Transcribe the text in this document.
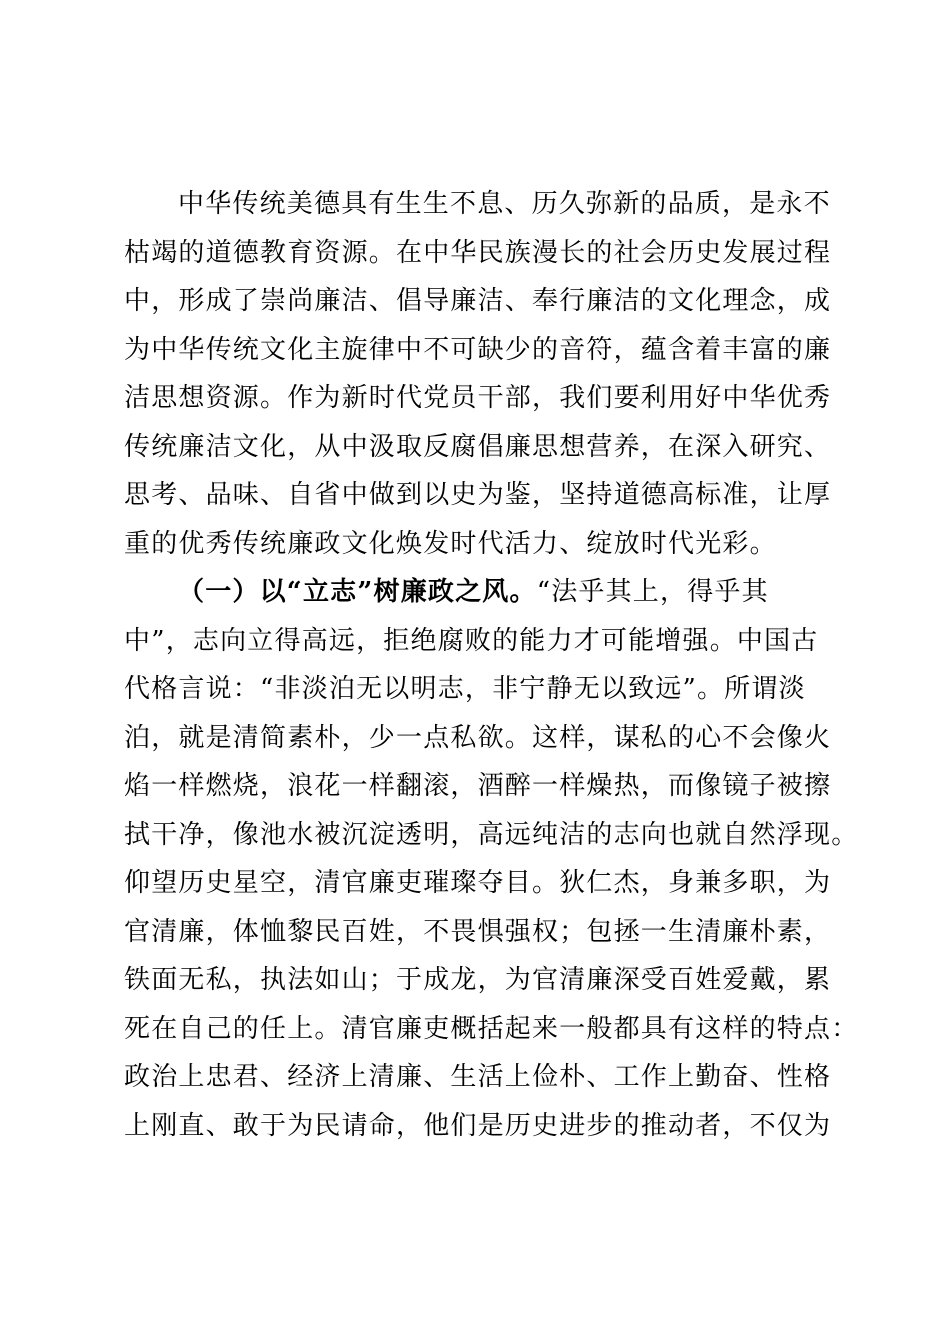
中华传统美德具有生生不息、历久弥新的品质，是永不
枯竭的道德教育资源。在中华民族漫长的社会历史发展过程
中，形成了崇尚廉洁、倡导廉洁、奉行廉洁的文化理念，成
为中华传统文化主旋律中不可缺少的音符，蕴含着丰富的廉
洁思想资源。作为新时代党员干部，我们要利用好中华优秀
传统廉洁文化，从中汲取反腐倡廉思想营养，在深入研究、
思考、品味、自省中做到以史为鉴，坚持道德高标准，让厚
重的优秀传统廉政文化焕发时代活力、绽放时代光彩。
（一）以“立志”树廉政之风。“法乎其上，得乎其
中”，志向立得高远，拒绝腐败的能力才可能增强。中国古
代格言说：“非淡泊无以明志，非宁静无以致远”。所谓淡
泊，就是清简素朴，少一点私欲。这样，谋私的心不会像火
焰一样燃烧，浪花一样翻滚，酒醉一样燥热，而像镜子被擦
拭干净，像池水被沉淀透明，高远纯洁的志向也就自然浮现。
仰望历史星空，清官廉吏璀璨夺目。狄仁杰，身兼多职，为
官清廉，体恤黎民百姓，不畏惧强权；包拯一生清廉朴素，
铁面无私，执法如山；于成龙，为官清廉深受百姓爱戴，累
死在自己的任上。清官廉吏概括起来一般都具有这样的特点：
政治上忠君、经济上清廉、生活上俭朴、工作上勤奋、性格
上刚直、敢于为民请命，他们是历史进步的推动者，不仅为
